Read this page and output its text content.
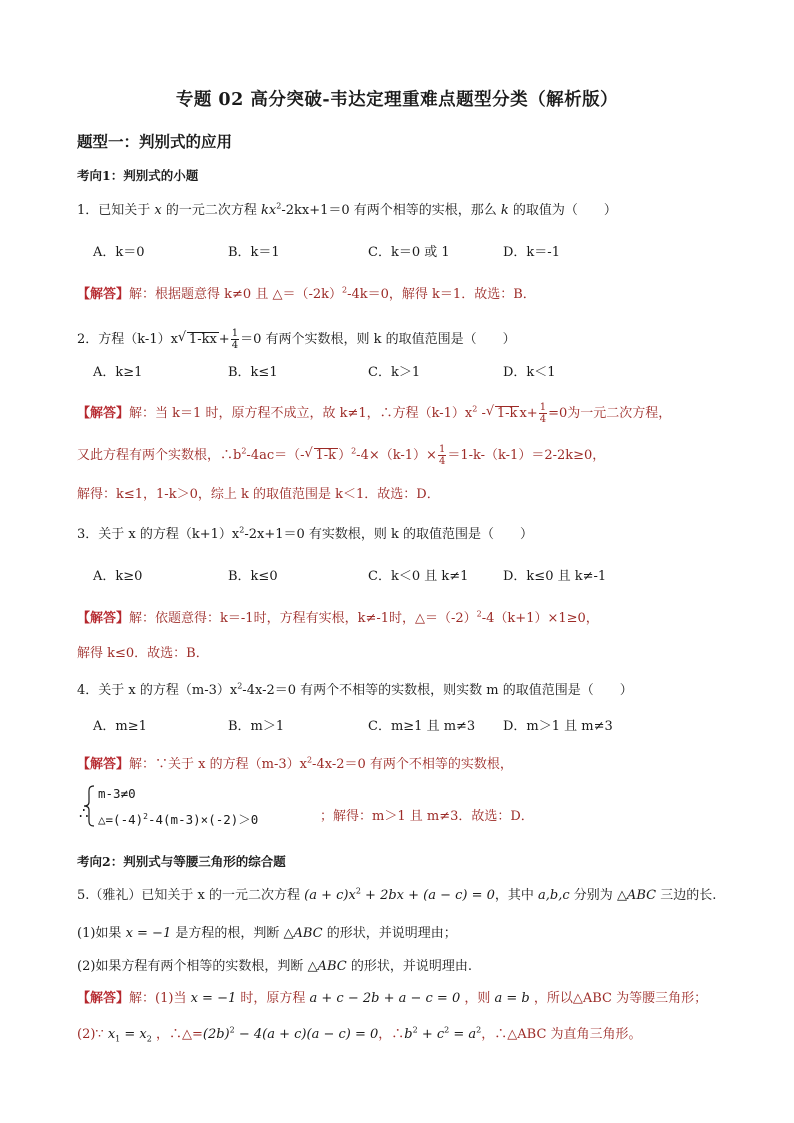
专题 02 高分突破-韦达定理重难点题型分类（解析版）
题型一：判别式的应用
考向1：判别式的小题
1．已知关于 x 的一元二次方程 $kx^2-2kx+1=0$ 有两个相等的实根，那么 k 的取值为（　　）
A．k＝0	B．k＝1	C．k＝0 或 1	D．k＝-1
【解答】解：根据题意得 k≠0 且 $\triangle=(-2k)^2-4k=0$，解得 k＝1．故选：B．
2．方程（k-1）x√ $1-kx + \frac{1}{4} =0$ 有两个实数根，则 k 的取值范围是（　　）
A．k≥1	B．k≤1	C．k＞1	D．k＜1
【解答】解：当 k＝1 时，原方程不成立，故 k≠1，∴方程$(k-1)x^2$ -√ 1-k $x+ \frac{1}{4} =0$为一元二次方程，
又此方程有两个实数根，$\therefore b^2-4ac=(-√$ 1-k ）$^2-4\times(k-1)\times \frac{1}{4} =1-k-(k-1)=2-2k\ge 0$，
解得：k≤1，1-k＞0，综上 k 的取值范围是 k＜1．故选：D．
3．关于 x 的方程$(k+1)x^2-2x+1=0$ 有实数根，则 k 的取值范围是（　　）
A．k≥0	B．k≤0	C．k＜0 且 k≠1	D．k≤0 且 k≠-1
【解答】解：依题意得：k＝-1时，方程有实根，k≠-1时，$\triangle=(-2)^2-4(k+1)\times 1\ge 0$，
解得 k≤0．故选：B．
4．关于 x 的方程$(m-3)x^2-4x-2=0$ 有两个不相等的实数根，则实数 m 的取值范围是（　　）
A．m≥1	B．m＞1	C．m≥1 且 m≠3 D．m＞1 且 m≠3
【解答】解：∵关于 x 的方程$(m-3)x^2-4x-2=0$ 有两个不相等的实数根，
∴
m-3≠0
$\triangle=(-4)^2-4(m-3)\times(-2)>0$	；解得：m＞1 且 m≠3．故选：D．
考向2：判别式与等腰三角形的综合题
5.（雅礼）已知关于 x 的一元二次方程 $(a + c)x^2 + 2bx + (a - c) = 0$，其中 a,b,c 分别为 △ABC 三边的长.
(1)如果 x = −1 是方程的根，判断 △ABC 的形状，并说明理由；
(2)如果方程有两个相等的实数根，判断 △ABC 的形状，并说明理由.
【解答】解：(1)当 x = −1 时，原方程 a + c − 2b + a − c = 0 ，则 a = b ，所以△ABC 为等腰三角形；
(2)∵ $x_1 = x_2$ ，$\therefore\triangle=(2b)^2 - 4(a + c)(a - c) = 0$，$\therefore b^2 + c^2 = a^2$，∴△ABC 为直角三角形。
